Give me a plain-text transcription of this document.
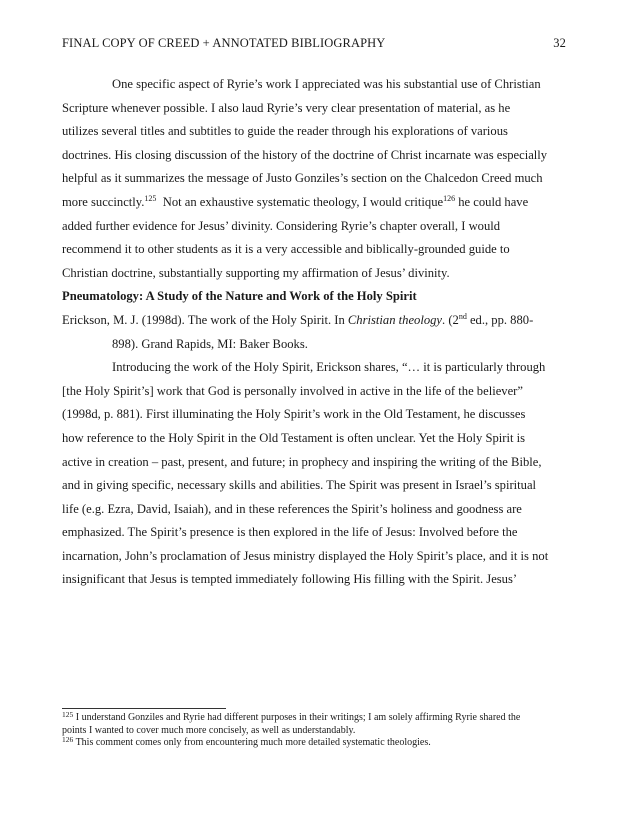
FINAL COPY OF CREED + ANNOTATED BIBLIOGRAPHY	32
One specific aspect of Ryrie’s work I appreciated was his substantial use of Christian
Scripture whenever possible. I also laud Ryrie’s very clear presentation of material, as he
utilizes several titles and subtitles to guide the reader through his explorations of various
doctrines. His closing discussion of the history of the doctrine of Christ incarnate was especially
helpful as it summarizes the message of Justo Gonziles’s section on the Chalcedon Creed much
more succinctly.$^{125}$  Not an exhaustive systematic theology, I would critique$^{126}$ he could have
added further evidence for Jesus’ divinity. Considering Ryrie’s chapter overall, I would
recommend it to other students as it is a very accessible and biblically-grounded guide to
Christian doctrine, substantially supporting my affirmation of Jesus’ divinity.
Pneumatology: A Study of the Nature and Work of the Holy Spirit
Erickson, M. J. (1998d). The work of the Holy Spirit. In Christian theology. (2nd ed., pp. 880-
898). Grand Rapids, MI: Baker Books.
Introducing the work of the Holy Spirit, Erickson shares, “… it is particularly through
[the Holy Spirit’s] work that God is personally involved in active in the life of the believer”
(1998d, p. 881). First illuminating the Holy Spirit’s work in the Old Testament, he discusses
how reference to the Holy Spirit in the Old Testament is often unclear. Yet the Holy Spirit is
active in creation – past, present, and future; in prophecy and inspiring the writing of the Bible,
and in giving specific, necessary skills and abilities. The Spirit was present in Israel’s spiritual
life (e.g. Ezra, David, Isaiah), and in these references the Spirit’s holiness and goodness are
emphasized. The Spirit’s presence is then explored in the life of Jesus: Involved before the
incarnation, John’s proclamation of Jesus ministry displayed the Holy Spirit’s place, and it is not
insignificant that Jesus is tempted immediately following His filling with the Spirit. Jesus’
$^{125}$ I understand Gonziles and Ryrie had different purposes in their writings; I am solely affirming Ryrie shared the
points I wanted to cover much more concisely, as well as understandably.
$^{126}$ This comment comes only from encountering much more detailed systematic theologies.
